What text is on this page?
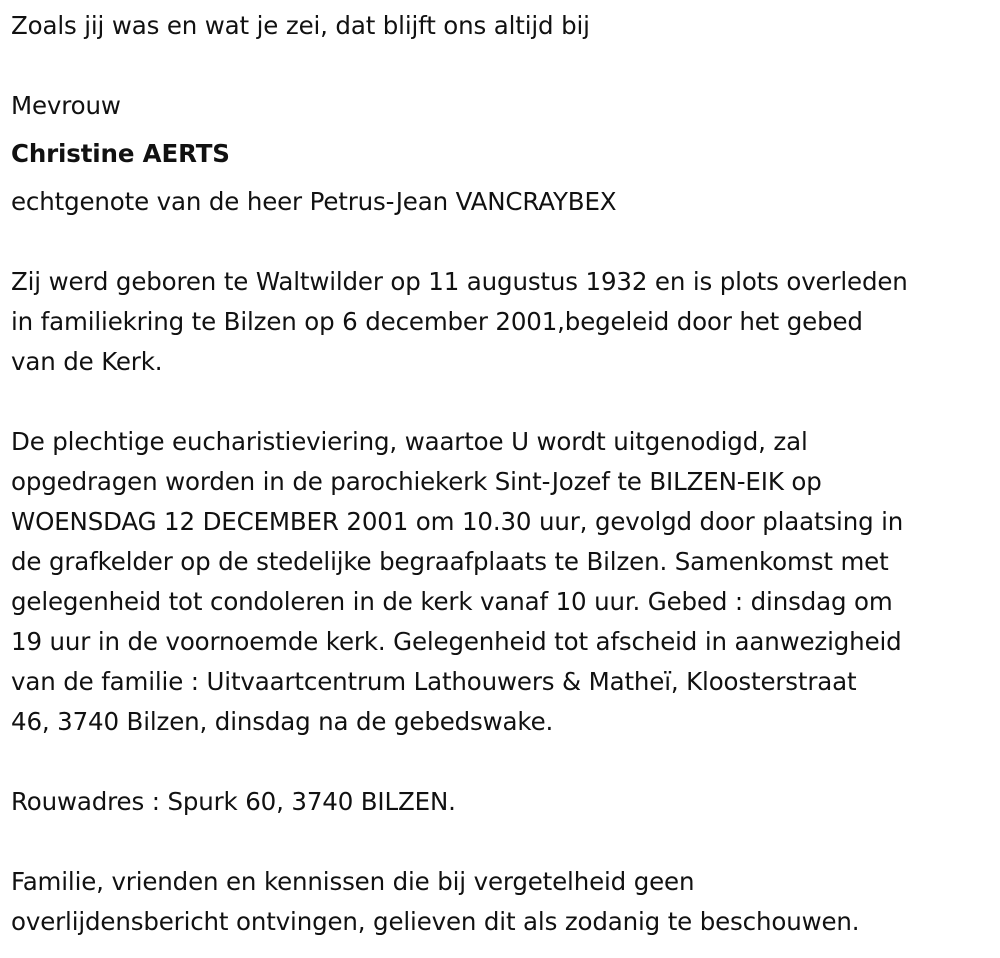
Zoals jij was en wat je zei, dat blijft ons altijd bij
Mevrouw
Christine AERTS
echtgenote van de heer Petrus-Jean VANCRAYBEX
Zij werd geboren te Waltwilder op 11 augustus 1932 en is plots overleden
in familiekring te Bilzen op 6 december 2001,begeleid door het gebed
van de Kerk.
De plechtige eucharistieviering, waartoe U wordt uitgenodigd, zal
opgedragen worden in de parochiekerk Sint-Jozef te BILZEN-EIK op
WOENSDAG 12 DECEMBER 2001 om 10.30 uur, gevolgd door plaatsing in
de grafkelder op de stedelijke begraafplaats te Bilzen. Samenkomst met
gelegenheid tot condoleren in de kerk vanaf 10 uur. Gebed : dinsdag om
19 uur in de voornoemde kerk. Gelegenheid tot afscheid in aanwezigheid
van de familie : Uitvaartcentrum Lathouwers & Matheï, Kloosterstraat
46, 3740 Bilzen, dinsdag na de gebedswake.
Rouwadres : Spurk 60, 3740 BILZEN.
Familie, vrienden en kennissen die bij vergetelheid geen
overlijdensbericht ontvingen, gelieven dit als zodanig te beschouwen.
